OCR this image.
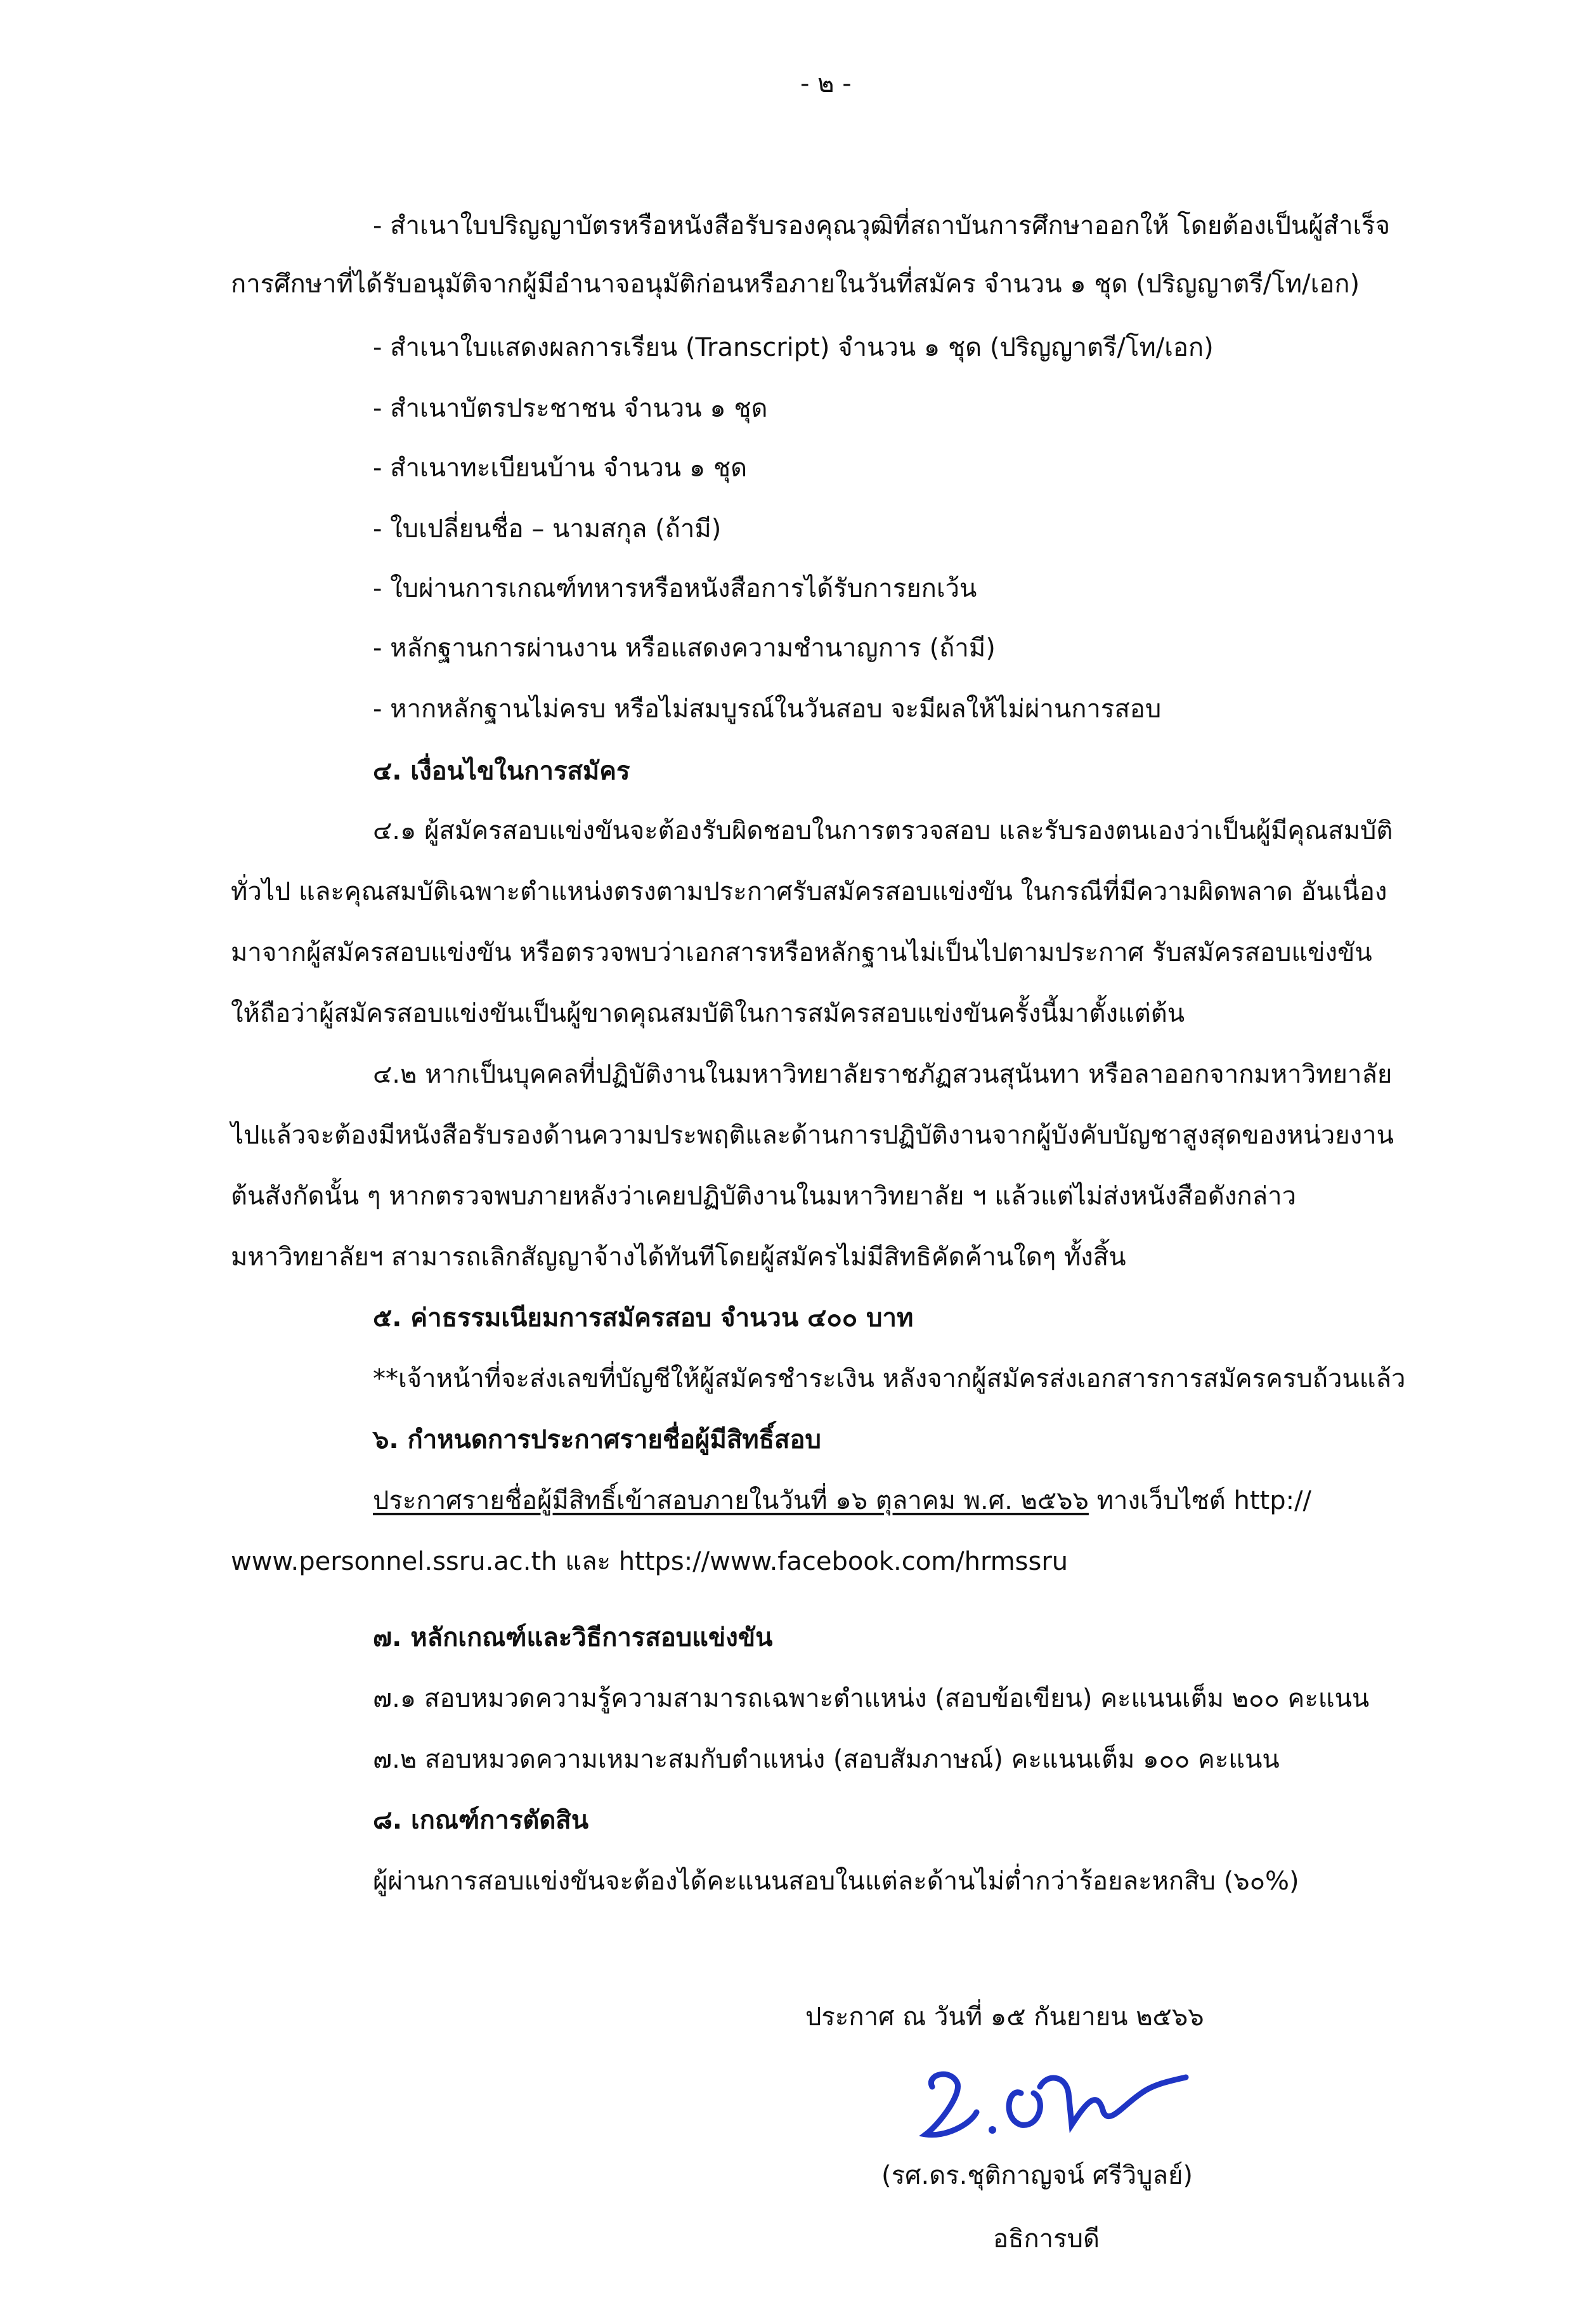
- ๒ -
- สำเนาใบปริญญาบัตรหรือหนังสือรับรองคุณวุฒิที่สถาบันการศึกษาออกให้ โดยต้องเป็นผู้สำเร็จ
การศึกษาที่ได้รับอนุมัติจากผู้มีอำนาจอนุมัติก่อนหรือภายในวันที่สมัคร จำนวน ๑ ชุด (ปริญญาตรี/โท/เอก)
- สำเนาใบแสดงผลการเรียน (Transcript) จำนวน ๑ ชุด (ปริญญาตรี/โท/เอก)
- สำเนาบัตรประชาชน จำนวน ๑ ชุด
- สำเนาทะเบียนบ้าน จำนวน ๑ ชุด
- ใบเปลี่ยนชื่อ – นามสกุล (ถ้ามี)
- ใบผ่านการเกณฑ์ทหารหรือหนังสือการได้รับการยกเว้น
- หลักฐานการผ่านงาน หรือแสดงความชำนาญการ (ถ้ามี)
- หากหลักฐานไม่ครบ หรือไม่สมบูรณ์ในวันสอบ จะมีผลให้ไม่ผ่านการสอบ
๔. เงื่อนไขในการสมัคร
๔.๑ ผู้สมัครสอบแข่งขันจะต้องรับผิดชอบในการตรวจสอบ และรับรองตนเองว่าเป็นผู้มีคุณสมบัติ
ทั่วไป และคุณสมบัติเฉพาะตำแหน่งตรงตามประกาศรับสมัครสอบแข่งขัน ในกรณีที่มีความผิดพลาด อันเนื่อง
มาจากผู้สมัครสอบแข่งขัน หรือตรวจพบว่าเอกสารหรือหลักฐานไม่เป็นไปตามประกาศ รับสมัครสอบแข่งขัน
ให้ถือว่าผู้สมัครสอบแข่งขันเป็นผู้ขาดคุณสมบัติในการสมัครสอบแข่งขันครั้งนี้มาตั้งแต่ต้น
๔.๒ หากเป็นบุคคลที่ปฏิบัติงานในมหาวิทยาลัยราชภัฏสวนสุนันทา หรือลาออกจากมหาวิทยาลัย
ไปแล้วจะต้องมีหนังสือรับรองด้านความประพฤติและด้านการปฏิบัติงานจากผู้บังคับบัญชาสูงสุดของหน่วยงาน
ต้นสังกัดนั้น ๆ หากตรวจพบภายหลังว่าเคยปฏิบัติงานในมหาวิทยาลัย ฯ แล้วแต่ไม่ส่งหนังสือดังกล่าว
มหาวิทยาลัยฯ สามารถเลิกสัญญาจ้างได้ทันทีโดยผู้สมัครไม่มีสิทธิคัดค้านใดๆ ทั้งสิ้น
๕. ค่าธรรมเนียมการสมัครสอบ จำนวน ๔๐๐ บาท
**เจ้าหน้าที่จะส่งเลขที่บัญชีให้ผู้สมัครชำระเงิน หลังจากผู้สมัครส่งเอกสารการสมัครครบถ้วนแล้ว
๖. กำหนดการประกาศรายชื่อผู้มีสิทธิ์สอบ
ประกาศรายชื่อผู้มีสิทธิ์เข้าสอบภายในวันที่ ๑๖ ตุลาคม พ.ศ. ๒๕๖๖ ทางเว็บไซต์ http://
www.personnel.ssru.ac.th และ https://www.facebook.com/hrmssru
๗. หลักเกณฑ์และวิธีการสอบแข่งขัน
๗.๑ สอบหมวดความรู้ความสามารถเฉพาะตำแหน่ง (สอบข้อเขียน) คะแนนเต็ม ๒๐๐ คะแนน
๗.๒ สอบหมวดความเหมาะสมกับตำแหน่ง (สอบสัมภาษณ์) คะแนนเต็ม ๑๐๐ คะแนน
๘. เกณฑ์การตัดสิน
ผู้ผ่านการสอบแข่งขันจะต้องได้คะแนนสอบในแต่ละด้านไม่ต่ำกว่าร้อยละหกสิบ (๖๐%)
ประกาศ ณ วันที่ ๑๕ กันยายน ๒๕๖๖
(รศ.ดร.ชุติกาญจน์ ศรีวิบูลย์)
อธิการบดี
